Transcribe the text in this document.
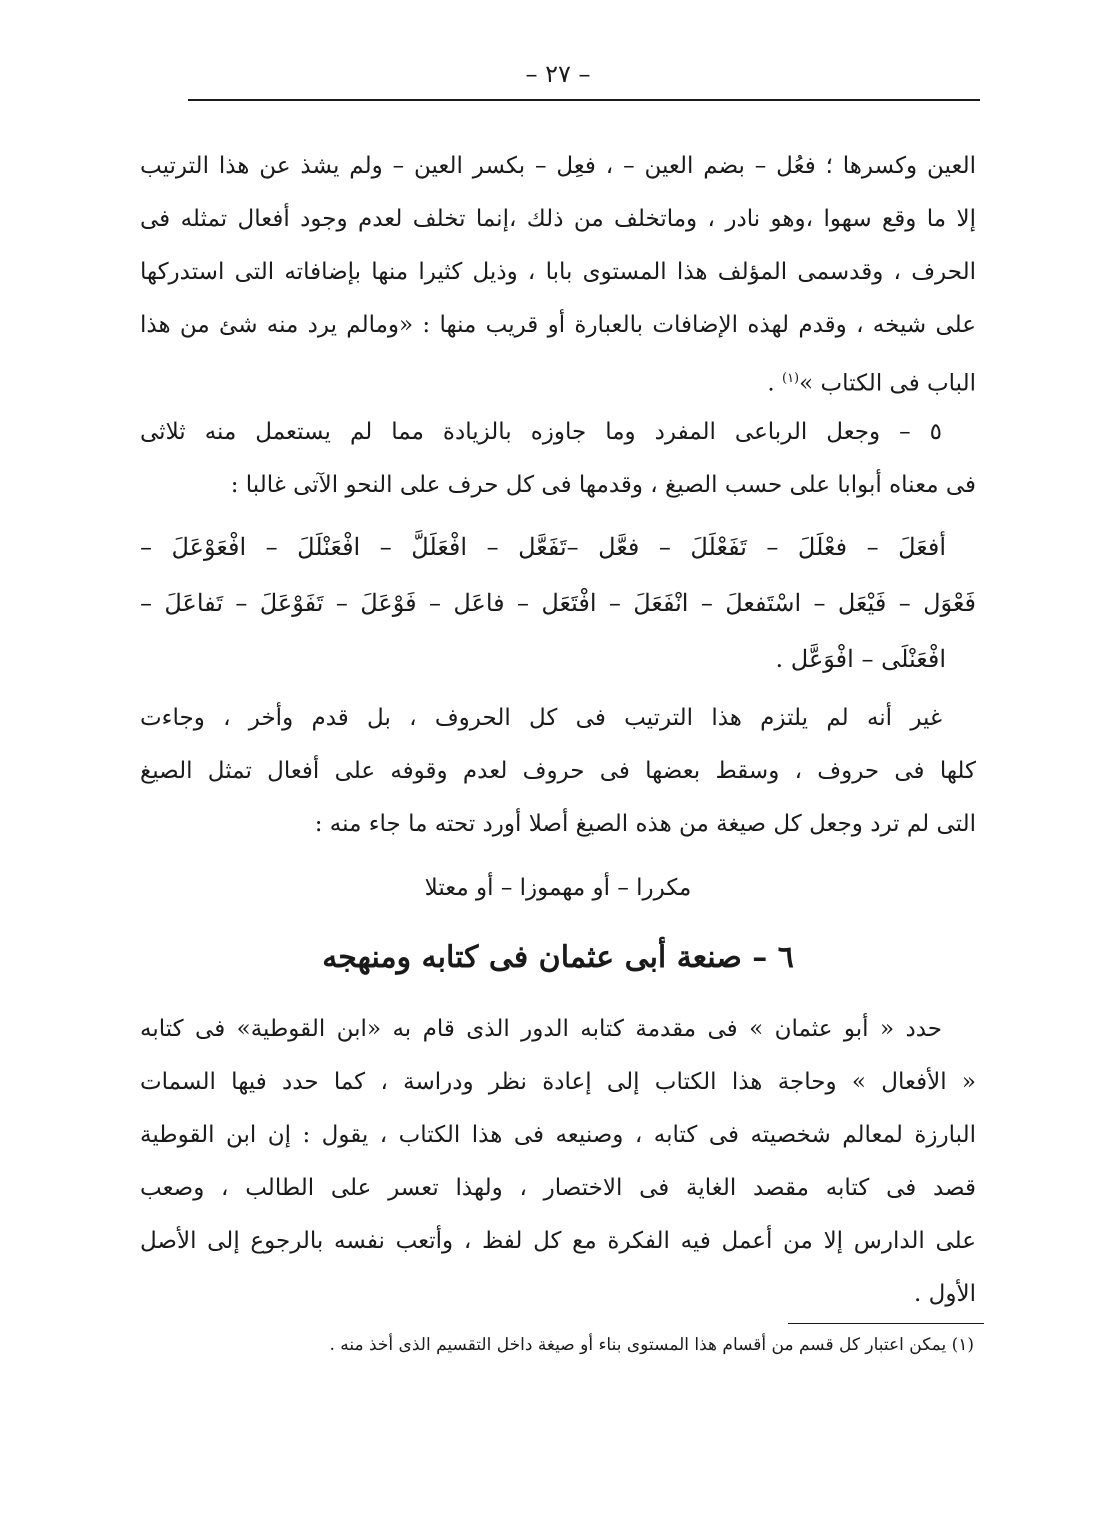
– ٢٧ –
العين وكسرها ؛ فعُل – بضم العين – ، فعِل – بكسر العين – ولم يشذ عن هذا الترتيب
إلا ما وقع سهوا ،وهو نادر ، وماتخلف من ذلك ،إنما تخلف لعدم وجود أفعال تمثله فى
الحرف ، وقدسمى المؤلف هذا المستوى بابا ، وذيل كثيرا منها بإضافاته التى استدركها
على شيخه ، وقدم لهذه الإضافات بالعبارة أو قريب منها : «ومالم يرد منه شئ من هذا
الباب فى الكتاب »$^{(١)}$ .
٥ – وجعل الرباعى المفرد وما جاوزه بالزيادة مما لم يستعمل منه ثلاثى
فى معناه أبوابا على حسب الصيغ ، وقدمها فى كل حرف على النحو الآتى غالبا :
أفعَلَ – فعْلَلَ – تَفَعْلَلَ – فعَّل –تَفَعَّل – افْعَلَلَّ – افْعَنْلَلَ – افْعَوْعَلَ –
فَعْوَل – فَيْعَل – اسْتَفعلَ – انْفَعَلَ – افْتَعَل – فاعَل – فَوْعَلَ – تَفَوْعَلَ – تَفاعَلَ –
افْعَنْلَى – افْوَعَّل .
غير أنه لم يلتزم هذا الترتيب فى كل الحروف ، بل قدم وأخر ، وجاءت
كلها فى حروف ، وسقط بعضها فى حروف لعدم وقوفه على أفعال تمثل الصيغ
التى لم ترد وجعل كل صيغة من هذه الصيغ أصلا أورد تحته ما جاء منه :
مكررا – أو مهموزا – أو معتلا
٦ – صنعة أبى عثمان فى كتابه ومنهجه
حدد « أبو عثمان » فى مقدمة كتابه الدور الذى قام به «ابن القوطية» فى كتابه
« الأفعال » وحاجة هذا الكتاب إلى إعادة نظر ودراسة ، كما حدد فيها السمات
البارزة لمعالم شخصيته فى كتابه ، وصنيعه فى هذا الكتاب ، يقول : إن ابن القوطية
قصد فى كتابه مقصد الغاية فى الاختصار ، ولهذا تعسر على الطالب ، وصعب
على الدارس إلا من أعمل فيه الفكرة مع كل لفظ ، وأتعب نفسه بالرجوع إلى الأصل
الأول .
(١) يمكن اعتبار كل قسم من أقسام هذا المستوى بناء أو صيغة داخل التقسيم الذى أخذ منه .
